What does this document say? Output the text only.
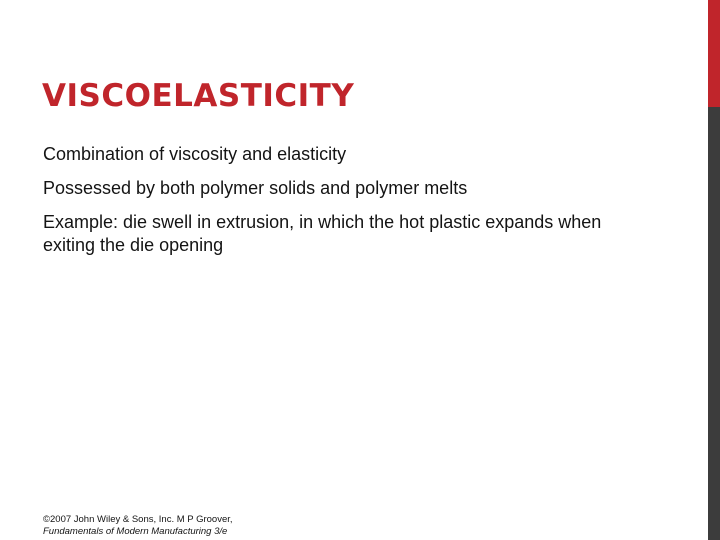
VISCOELASTICITY
Combination of viscosity and elasticity
Possessed by both polymer solids and polymer melts
Example: die swell in extrusion, in which the hot plastic expands when exiting the die opening
©2007 John Wiley & Sons, Inc. M P Groover,
Fundamentals of Modern Manufacturing 3/e
